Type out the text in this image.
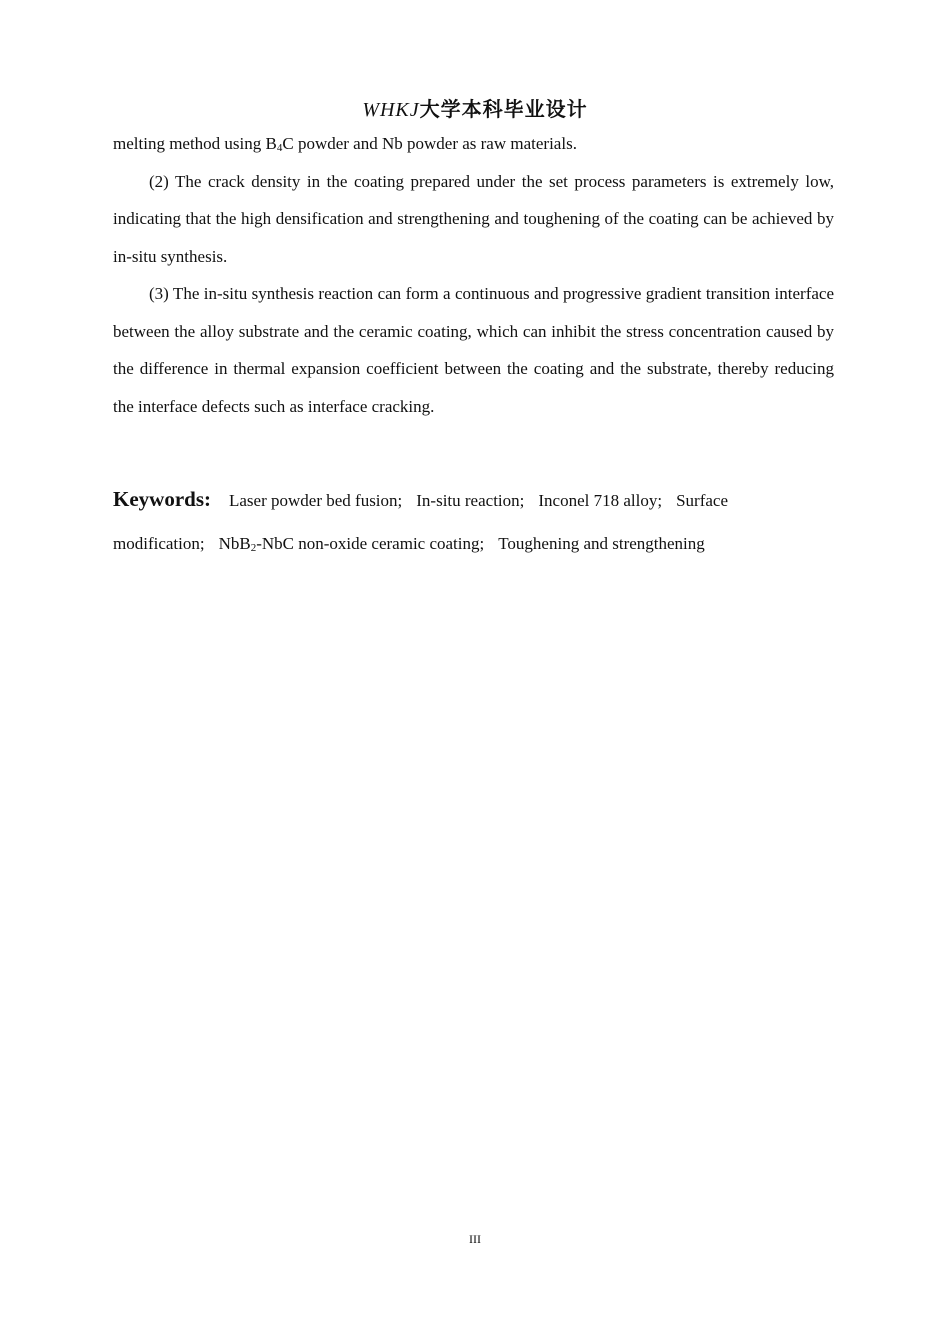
WHKJ大学本科毕业设计

melting method using $B_4C$ powder and Nb powder as raw materials.

(2) The crack density in the coating prepared under the set process parameters is extremely low, indicating that the high densification and strengthening and toughening of the coating can be achieved by in-situ synthesis.

(3) The in-situ synthesis reaction can form a continuous and progressive gradient transition interface between the alloy substrate and the ceramic coating, which can inhibit the stress concentration caused by the difference in thermal expansion coefficient between the coating and the substrate, thereby reducing the interface defects such as interface cracking.

Keywords: Laser powder bed fusion; In-situ reaction; Inconel 718 alloy; Surface modification; NbB$_2$-NbC non-oxide ceramic coating; Toughening and strengthening
III
